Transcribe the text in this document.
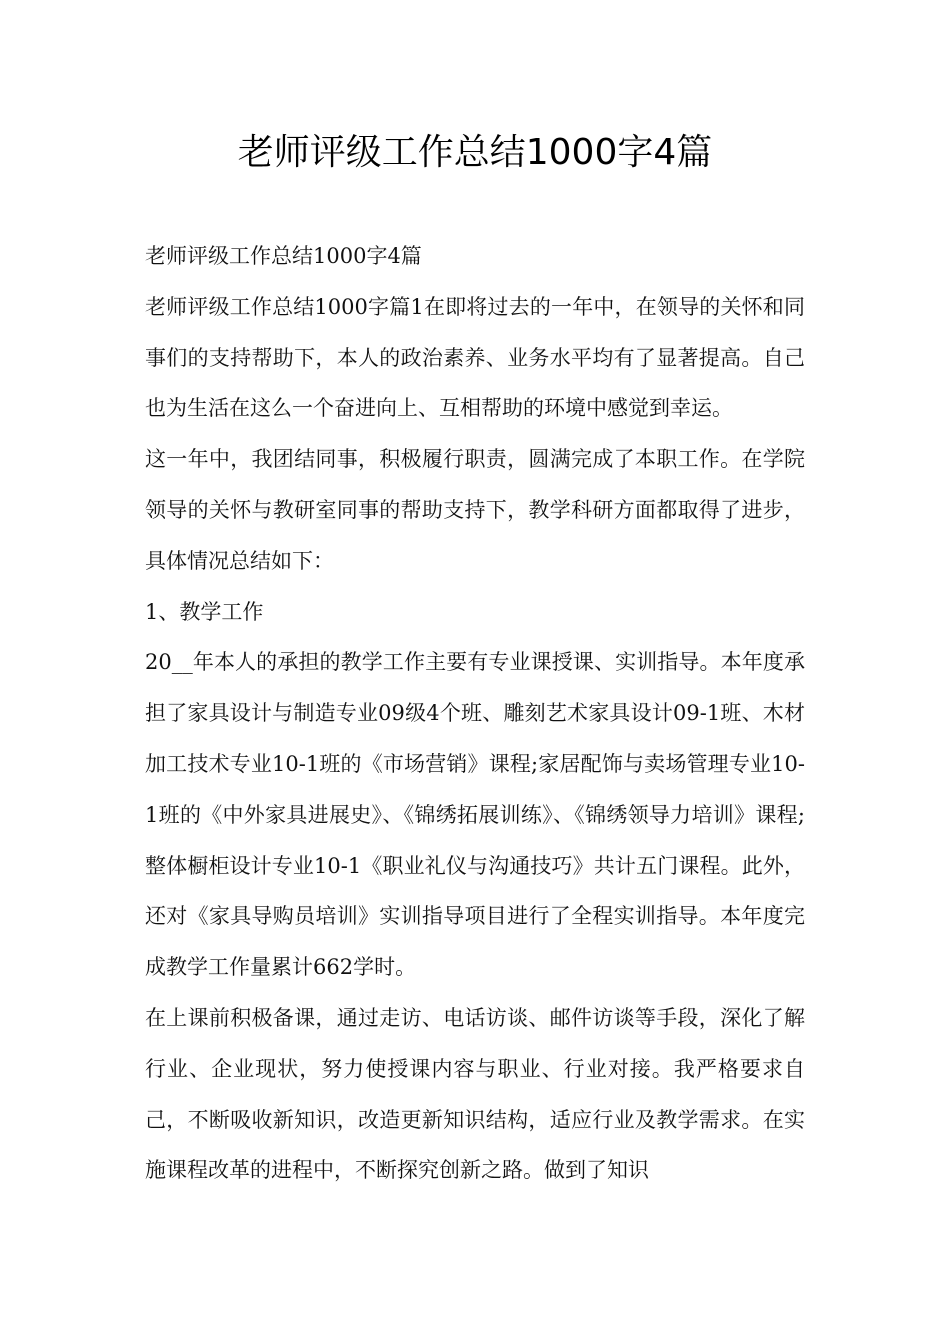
老师评级工作总结1000字4篇

老师评级工作总结1000字4篇

老师评级工作总结1000字篇1在即将过去的一年中，在领导的关怀和同事们的支持帮助下，本人的政治素养、业务水平均有了显著提高。自己也为生活在这么一个奋进向上、互相帮助的环境中感觉到幸运。

这一年中，我团结同事，积极履行职责，圆满完成了本职工作。在学院领导的关怀与教研室同事的帮助支持下，教学科研方面都取得了进步，具体情况总结如下：

1、教学工作

20__年本人的承担的教学工作主要有专业课授课、实训指导。本年度承担了家具设计与制造专业09级4个班、雕刻艺术家具设计09-1班、木材加工技术专业10-1班的《市场营销》课程;家居配饰与卖场管理专业10-1班的《中外家具进展史》、《锦绣拓展训练》、《锦绣领导力培训》课程;整体橱柜设计专业10-1《职业礼仪与沟通技巧》共计五门课程。此外，还对《家具导购员培训》实训指导项目进行了全程实训指导。本年度完成教学工作量累计662学时。

在上课前积极备课，通过走访、电话访谈、邮件访谈等手段，深化了解行业、企业现状，努力使授课内容与职业、行业对接。我严格要求自己，不断吸收新知识，改造更新知识结构，适应行业及教学需求。在实施课程改革的进程中，不断探究创新之路。做到了知识
